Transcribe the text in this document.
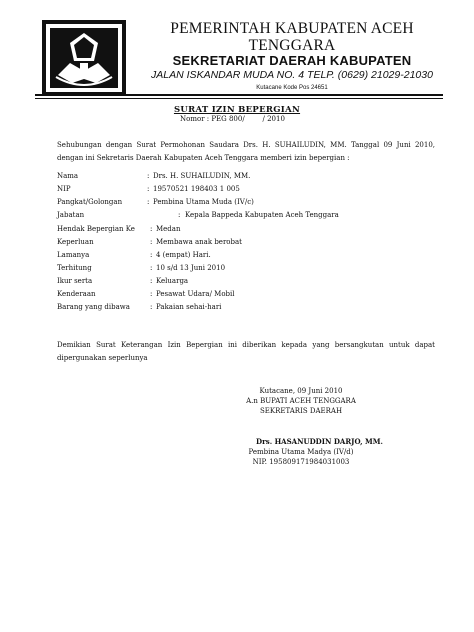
PEMERINTAH KABUPATEN ACEH TENGGARA
SEKRETARIAT DAERAH KABUPATEN
JALAN ISKANDAR MUDA NO. 4 TELP. (0629) 21029-21030
Kutacane Kode Pos 24651
SURAT IZIN BEPERGIAN
Nomor : PEG 800/        / 2010
Sehubungan dengan Surat Permohonan Saudara Drs. H. SUHAILUDIN, MM. Tanggal 09 Juni 2010, dengan ini Sekretaris Daerah Kabupaten Aceh Tenggara memberi izin bepergian :
Nama	: Drs. H. SUHAILUDIN, MM.
NIP	: 19570521 198403 1 005
Pangkat/Golongan	: Pembina Utama Muda (IV/c)
Jabatan	: Kepala Bappeda Kabupaten Aceh Tenggara
Hendak Bepergian Ke : Medan
Keperluan	: Membawa anak berobat
Lamanya	: 4 (empat) Hari.
Terhitung	: 10 s/d 13 Juni 2010
Ikur serta	: Keluarga
Kenderaan	: Pesawat Udara/ Mobil
Barang yang dibawa	: Pakaian sehai-hari
Demikian Surat Keterangan Izin Bepergian ini diberikan kepada yang bersangkutan untuk dapat dipergunakan seperlunya
Kutacane, 09 Juni 2010
A.n BUPATI ACEH TENGGARA
SEKRETARIS DAERAH
Drs. HASANUDDIN DARJO, MM.
Pembina Utama Madya (IV/d)
NIP. 195809171984031003
